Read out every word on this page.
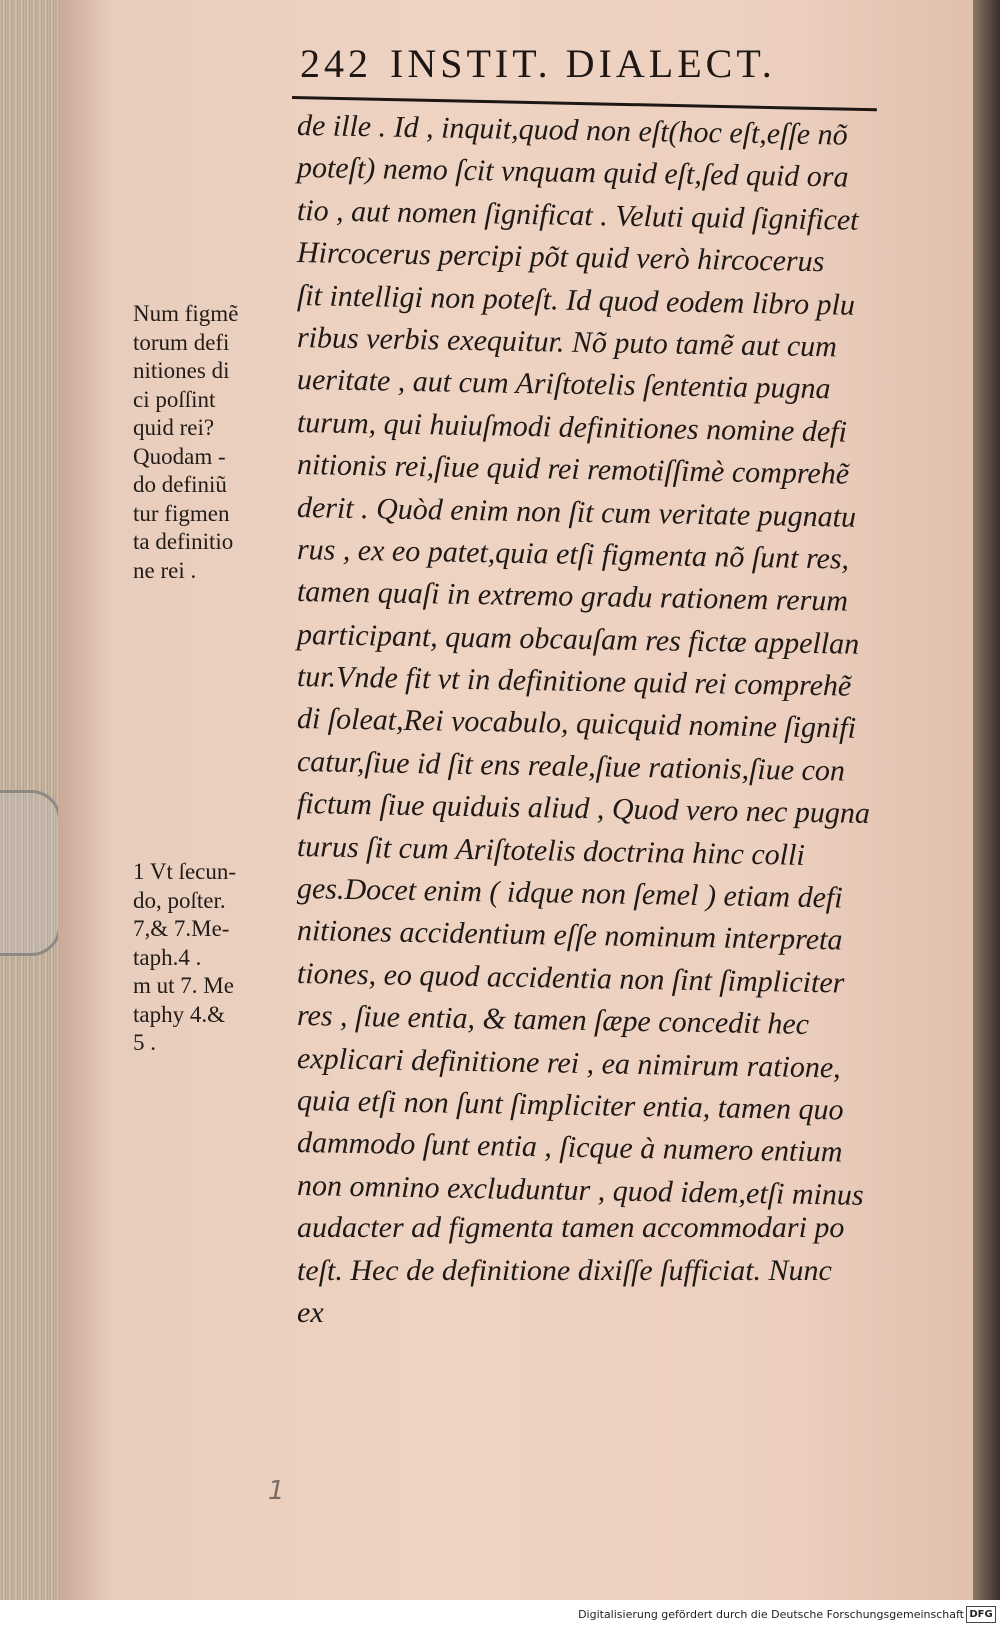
242 INSTIT. DIALECT.
de ille . Id , inquit,quod non eſt(hoc eſt,eſſe nõ
poteſt) nemo ſcit vnquam quid eſt,ſed quid ora
tio , aut nomen ſignificat . Veluti quid ſignificet
Hircocerus percipi põt quid verò hircocerus
ſit intelligi non poteſt. Id quod eodem libro plu
ribus verbis exequitur. Nõ puto tamẽ aut cum
ueritate , aut cum Ariſtotelis ſententia pugna
turum, qui huiuſmodi definitiones nomine defi
nitionis rei,ſiue quid rei remotiſſimè comprehẽ
derit . Quòd enim non ſit cum veritate pugnatu
rus , ex eo patet,quia etſi figmenta nõ ſunt res,
tamen quaſi in extremo gradu rationem rerum
participant, quam obcauſam res fictæ appellan
tur.Vnde fit vt in definitione quid rei comprehẽ
di ſoleat,Rei vocabulo, quicquid nomine ſignifi
catur,ſiue id ſit ens reale,ſiue rationis,ſiue con
fictum ſiue quiduis aliud , Quod vero nec pugna
turus ſit cum Ariſtotelis doctrina hinc colli
ges.Docet enim ( idque non ſemel ) etiam defi
nitiones accidentium eſſe nominum interpreta
tiones, eo quod accidentia non ſint ſimpliciter
res , ſiue entia, & tamen ſæpe concedit hec
explicari definitione rei , ea nimirum ratione,
quia etſi non ſunt ſimpliciter entia, tamen quo
dammodo ſunt entia , ſicque à numero entium
non omnino excluduntur , quod idem,etſi minus
audacter ad figmenta tamen accommodari po
teſt. Hec de definitione dixiſſe ſufficiat. Nunc
ex
Num figmẽ
torum defi
nitiones di
ci poſſint
quid rei?
Quodam -
do definiũ
tur figmen
ta definitio
ne rei .
1 Vt ſecun-
do, poſter.
7,& 7.Me-
taph.4 .
m ut 7. Me
taphy 4.&
5 .
1
Digitalisierung gefördert durch die Deutsche Forschungsgemeinschaft DFG
